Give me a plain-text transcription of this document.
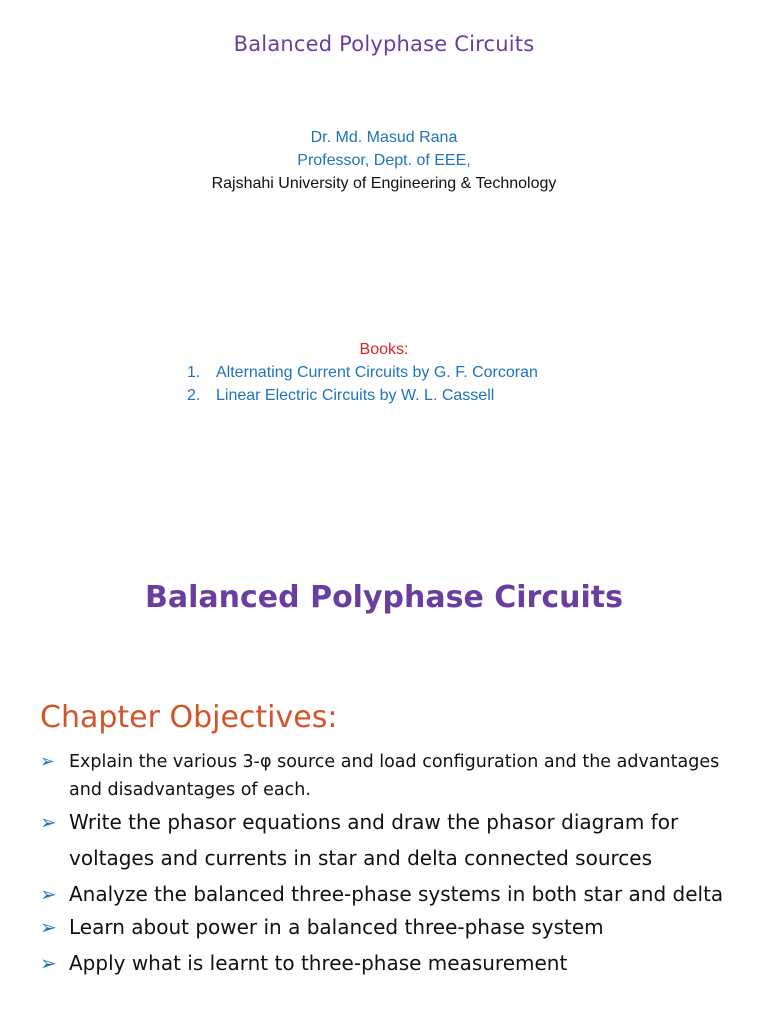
Balanced Polyphase Circuits
Dr. Md. Masud Rana
Professor, Dept. of EEE,
Rajshahi University of Engineering & Technology
Books:
1. Alternating Current Circuits by G. F. Corcoran
2. Linear Electric Circuits by W. L. Cassell
Balanced Polyphase Circuits
Chapter Objectives:
➢ Explain the various 3-φ source and load configuration and the advantages and disadvantages of each.
➢ Write the phasor equations and draw the phasor diagram for voltages and currents in star and delta connected sources
➢ Analyze the balanced three-phase systems in both star and delta
➢ Learn about power in a balanced three-phase system
➢ Apply what is learnt to three-phase measurement
